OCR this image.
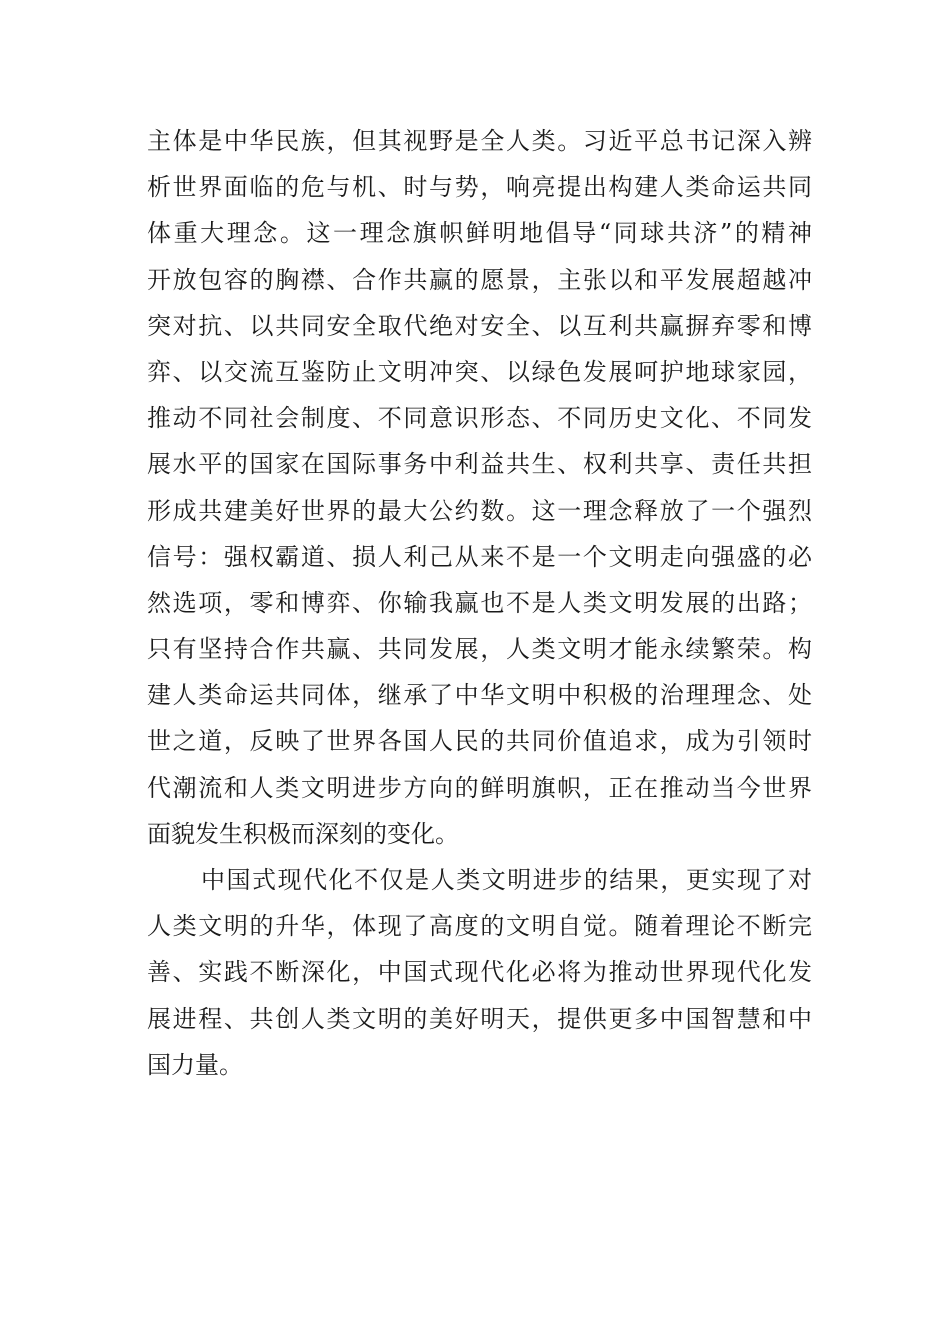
主体是中华民族，但其视野是全人类。习近平总书记深入辨
析世界面临的危与机、时与势，响亮提出构建人类命运共同
体重大理念。这一理念旗帜鲜明地倡导“同球共济”的精神
开放包容的胸襟、合作共赢的愿景，主张以和平发展超越冲
突对抗、以共同安全取代绝对安全、以互利共赢摒弃零和博
弈、以交流互鉴防止文明冲突、以绿色发展呵护地球家园，
推动不同社会制度、不同意识形态、不同历史文化、不同发
展水平的国家在国际事务中利益共生、权利共享、责任共担
形成共建美好世界的最大公约数。这一理念释放了一个强烈
信号：强权霸道、损人利己从来不是一个文明走向强盛的必
然选项，零和博弈、你输我赢也不是人类文明发展的出路；
只有坚持合作共赢、共同发展，人类文明才能永续繁荣。构
建人类命运共同体，继承了中华文明中积极的治理理念、处
世之道，反映了世界各国人民的共同价值追求，成为引领时
代潮流和人类文明进步方向的鲜明旗帜，正在推动当今世界
面貌发生积极而深刻的变化。
中国式现代化不仅是人类文明进步的结果，更实现了对
人类文明的升华，体现了高度的文明自觉。随着理论不断完
善、实践不断深化，中国式现代化必将为推动世界现代化发
展进程、共创人类文明的美好明天，提供更多中国智慧和中
国力量。
